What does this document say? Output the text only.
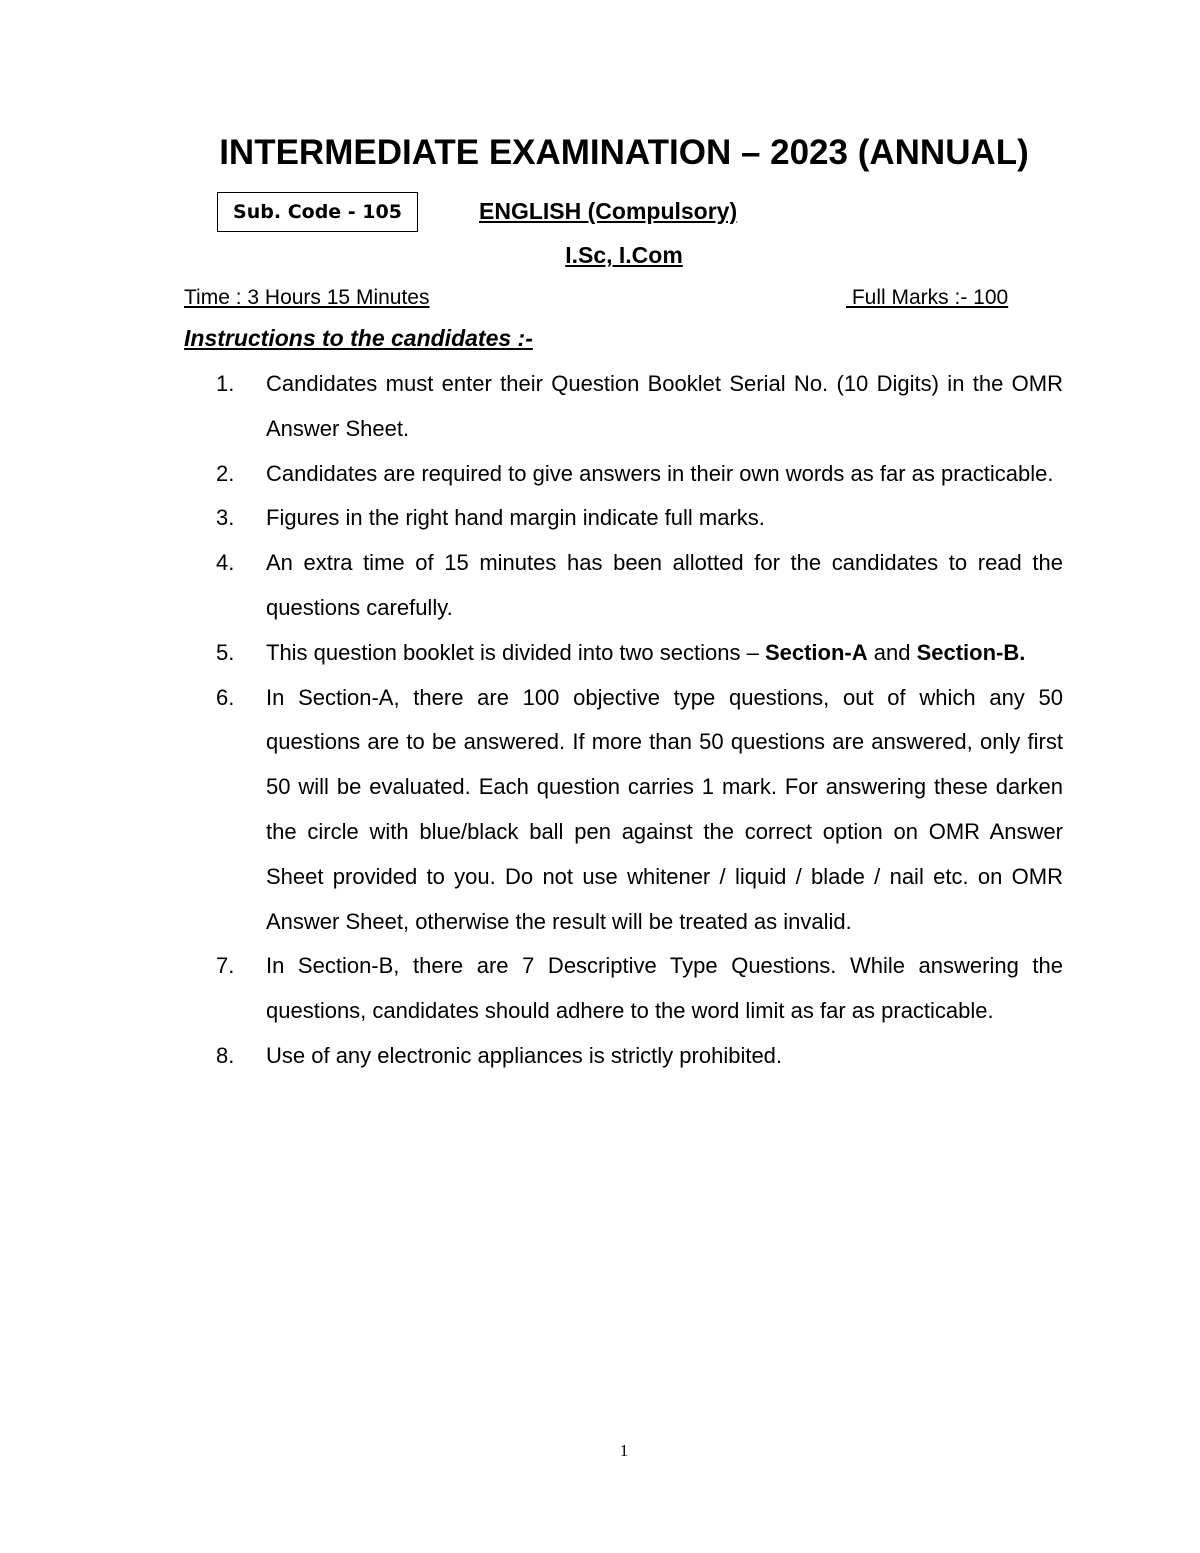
INTERMEDIATE EXAMINATION – 2023 (ANNUAL)
Sub. Code - 105	ENGLISH (Compulsory)
I.Sc, I.Com
Time : 3 Hours 15 Minutes	Full Marks :- 100
Instructions to the candidates :-
1.	Candidates must enter their Question Booklet Serial No. (10 Digits) in the OMR Answer Sheet.
2.	Candidates are required to give answers in their own words as far as practicable.
3.	Figures in the right hand margin indicate full marks.
4.	An extra time of 15 minutes has been allotted for the candidates to read the questions carefully.
5.	This question booklet is divided into two sections – Section-A and Section-B.
6.	In Section-A, there are 100 objective type questions, out of which any 50 questions are to be answered. If more than 50 questions are answered, only first 50 will be evaluated. Each question carries 1 mark. For answering these darken the circle with blue/black ball pen against the correct option on OMR Answer Sheet provided to you. Do not use whitener / liquid / blade / nail etc. on OMR Answer Sheet, otherwise the result will be treated as invalid.
7.	In Section-B, there are 7 Descriptive Type Questions. While answering the questions, candidates should adhere to the word limit as far as practicable.
8.	Use of any electronic appliances is strictly prohibited.
1
